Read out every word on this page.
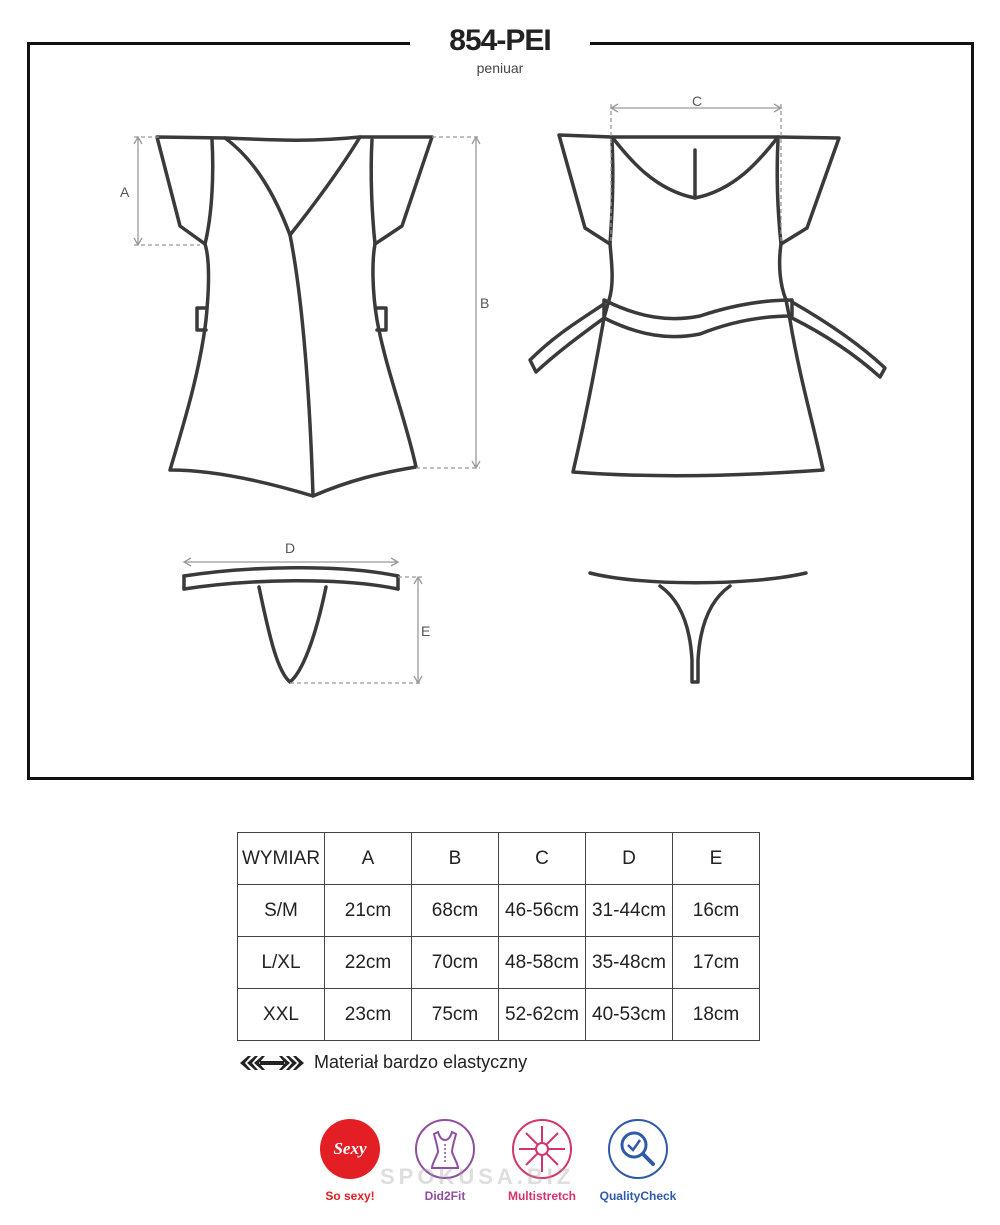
854-PEI
peniuar
A
B
C
D
E
WYMIAR	A	B	C	D	E
S/M	21cm	68cm	46-56cm	31-44cm	16cm
L/XL	22cm	70cm	48-58cm	35-48cm	17cm
XXL	23cm	75cm	52-62cm	40-53cm	18cm
Materiał bardzo elastyczny
Sexy
So sexy!	Did2Fit	Multistretch	QualityCheck
SPOKUSA.BIZ
